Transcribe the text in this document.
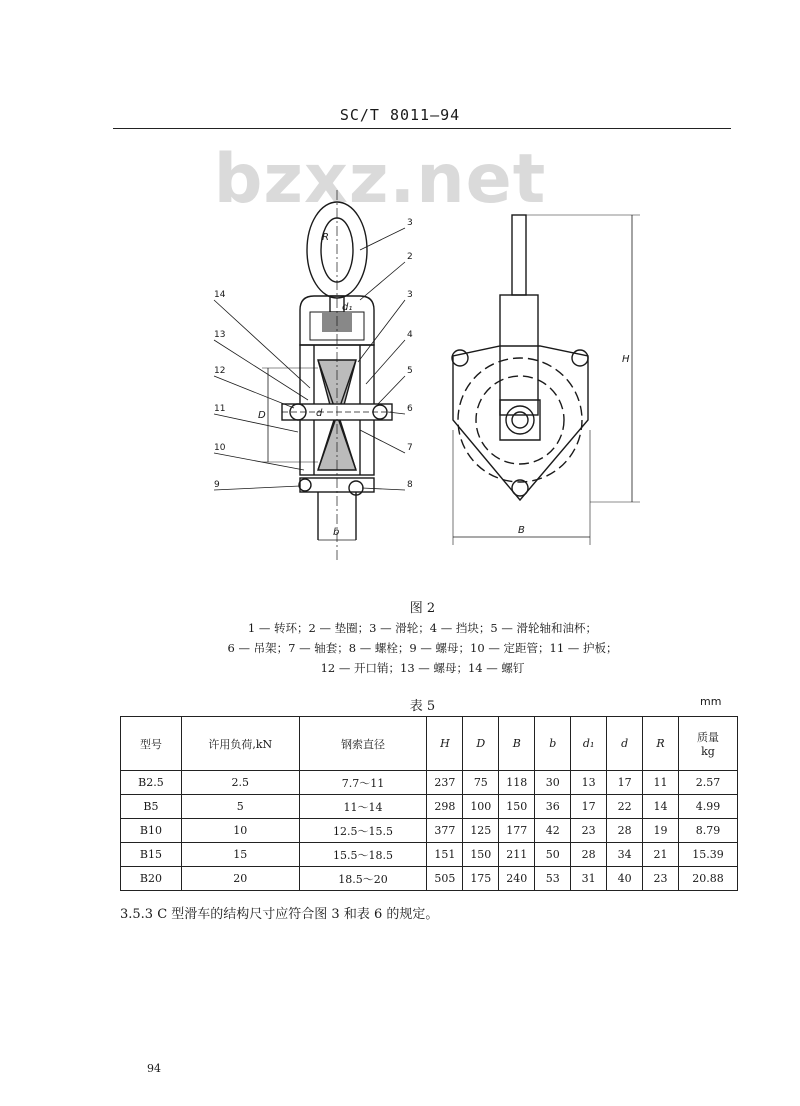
SC/T 8011—94
bzxz.net
14
13
12
11
10
9
3
2
3
4
5
6
7
8
R
d₁
d
D
b
H
B
图 2
1 — 转环；2 — 垫圈；3 — 滑轮；4 — 挡块；5 — 滑轮轴和油杯；
6 — 吊架；7 — 轴套；8 — 螺栓；9 — 螺母；10 — 定距管；11 — 护板；
12 — 开口销；13 — 螺母；14 — 螺钉
表 5	mm
型号	许用负荷,kN	钢索直径	H	D	B	b	d₁	d	R	质量
kg
B2.5	2.5	7.7～11	237	75	118	30	13	17	11	2.57
B5	5	11～14	298	100	150	36	17	22	14	4.99
B10	10	12.5～15.5	377	125	177	42	23	28	19	8.79
B15	15	15.5～18.5	151	150	211	50	28	34	21	15.39
B20	20	18.5～20	505	175	240	53	31	40	23	20.88
3.5.3 C 型滑车的结构尺寸应符合图 3 和表 6 的规定。
94
